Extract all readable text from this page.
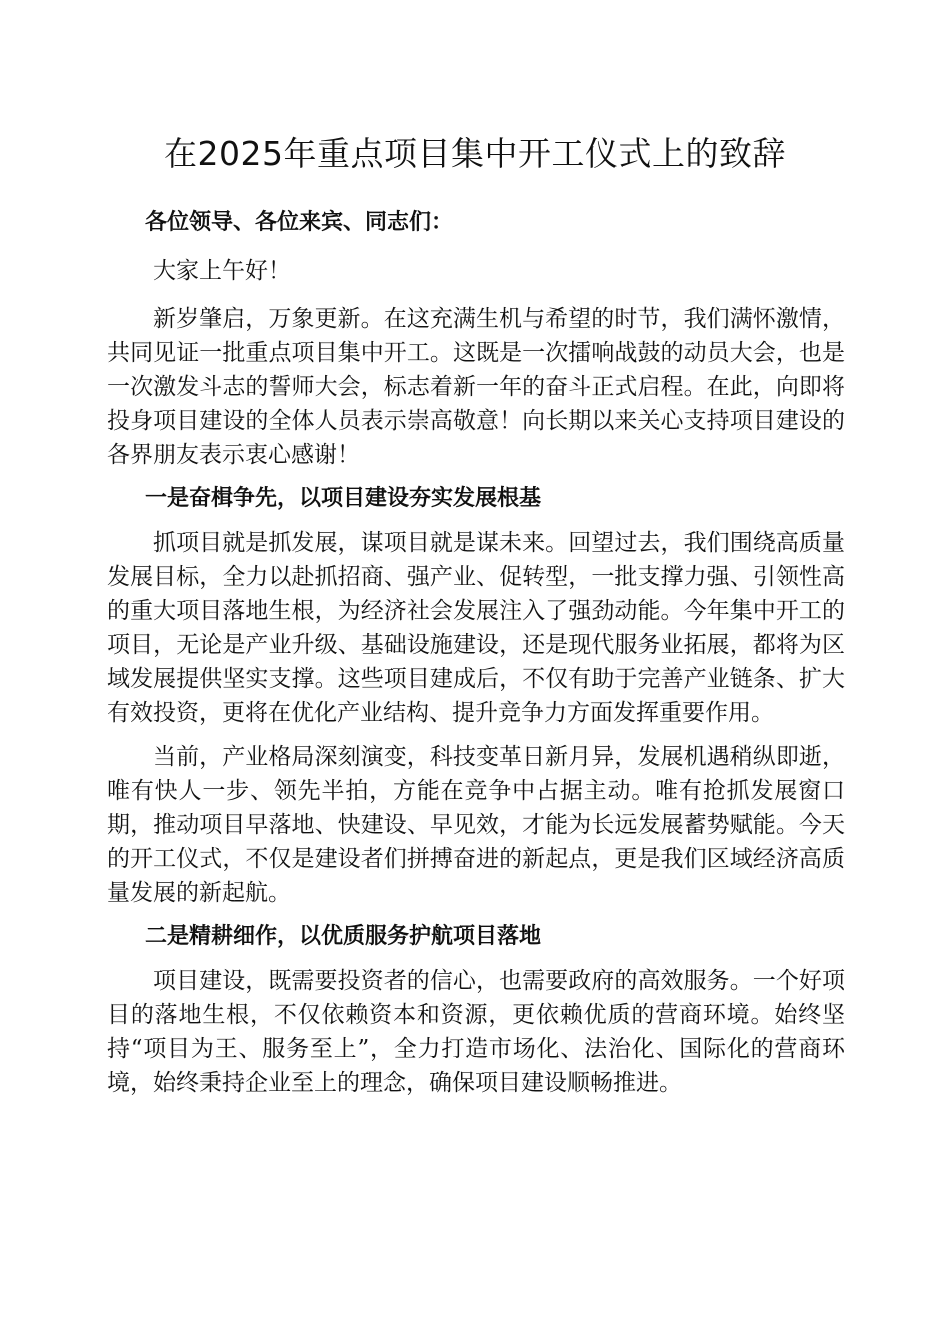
在2025年重点项目集中开工仪式上的致辞

各位领导、各位来宾、同志们：

大家上午好！

新岁肇启，万象更新。在这充满生机与希望的时节，我们满怀激情，共同见证一批重点项目集中开工。这既是一次擂响战鼓的动员大会，也是一次激发斗志的誓师大会，标志着新一年的奋斗正式启程。在此，向即将投身项目建设的全体人员表示崇高敬意！向长期以来关心支持项目建设的各界朋友表示衷心感谢！

一是奋楫争先，以项目建设夯实发展根基

抓项目就是抓发展，谋项目就是谋未来。回望过去，我们围绕高质量发展目标，全力以赴抓招商、强产业、促转型，一批支撑力强、引领性高的重大项目落地生根，为经济社会发展注入了强劲动能。今年集中开工的项目，无论是产业升级、基础设施建设，还是现代服务业拓展，都将为区域发展提供坚实支撑。这些项目建成后，不仅有助于完善产业链条、扩大有效投资，更将在优化产业结构、提升竞争力方面发挥重要作用。

当前，产业格局深刻演变，科技变革日新月异，发展机遇稍纵即逝，唯有快人一步、领先半拍，方能在竞争中占据主动。唯有抢抓发展窗口期，推动项目早落地、快建设、早见效，才能为长远发展蓄势赋能。今天的开工仪式，不仅是建设者们拼搏奋进的新起点，更是我们区域经济高质量发展的新起航。

二是精耕细作，以优质服务护航项目落地

项目建设，既需要投资者的信心，也需要政府的高效服务。一个好项目的落地生根，不仅依赖资本和资源，更依赖优质的营商环境。始终坚持“项目为王、服务至上”，全力打造市场化、法治化、国际化的营商环境，始终秉持企业至上的理念，确保项目建设顺畅推进。
